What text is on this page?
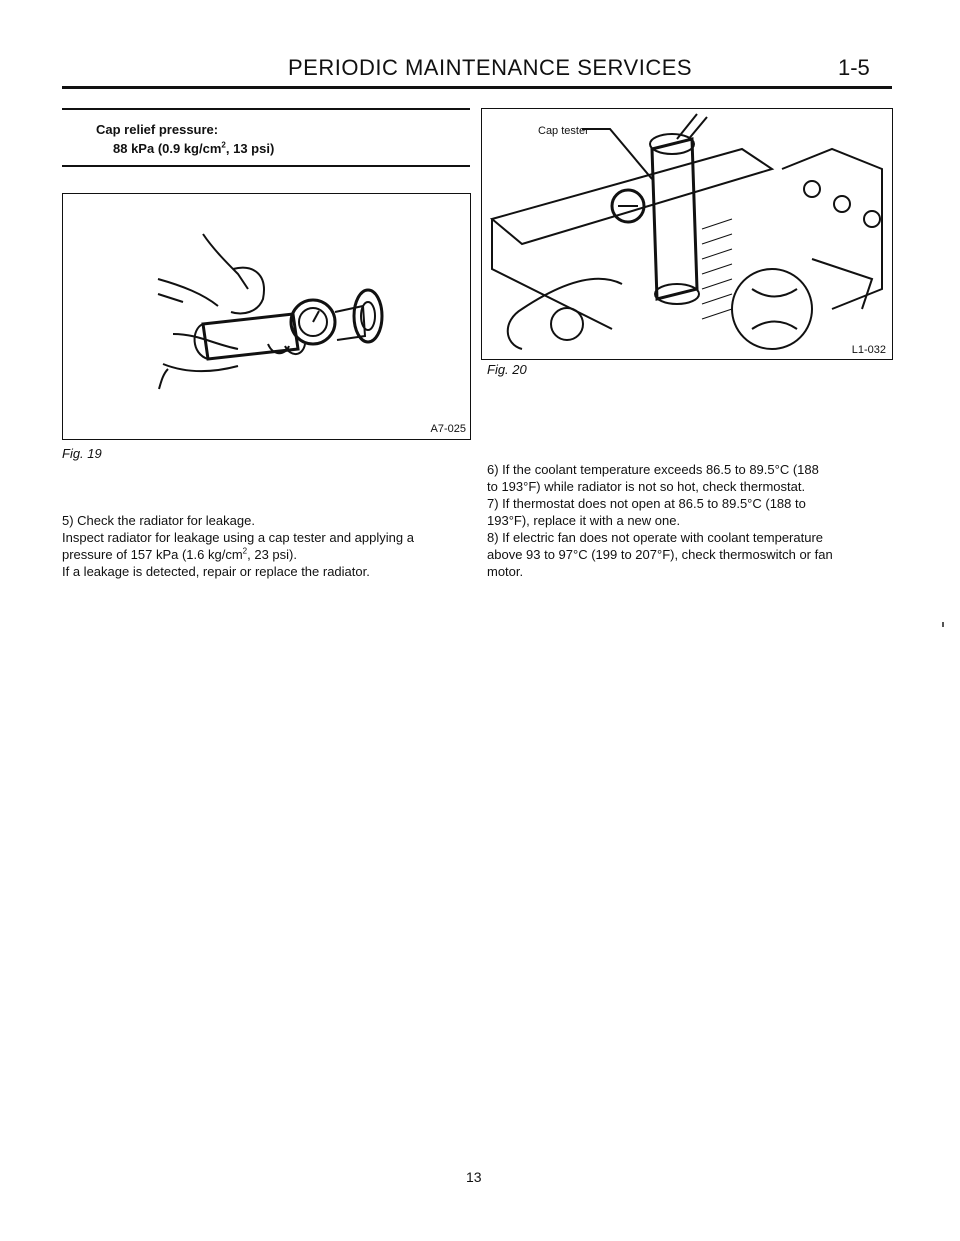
PERIODIC MAINTENANCE SERVICES	1-5
Cap relief pressure:
88 kPa (0.9 $kg/cm^2$, 13 psi)
A7-025
Fig. 19
5) Check the radiator for leakage.
Inspect radiator for leakage using a cap tester and applying a
pressure of 157 kPa (1.6 $kg/cm^2$, 23 psi).
If a leakage is detected, repair or replace the radiator.
Cap tester
L1-032
Fig. 20
6) If the coolant temperature exceeds 86.5 to 89.5°C (188
to 193°F) while radiator is not so hot, check thermostat.
7) If thermostat does not open at 86.5 to 89.5°C (188 to
193°F), replace it with a new one.
8) If electric fan does not operate with coolant temperature
above 93 to 97°C (199 to 207°F), check thermoswitch or fan
motor.
13
